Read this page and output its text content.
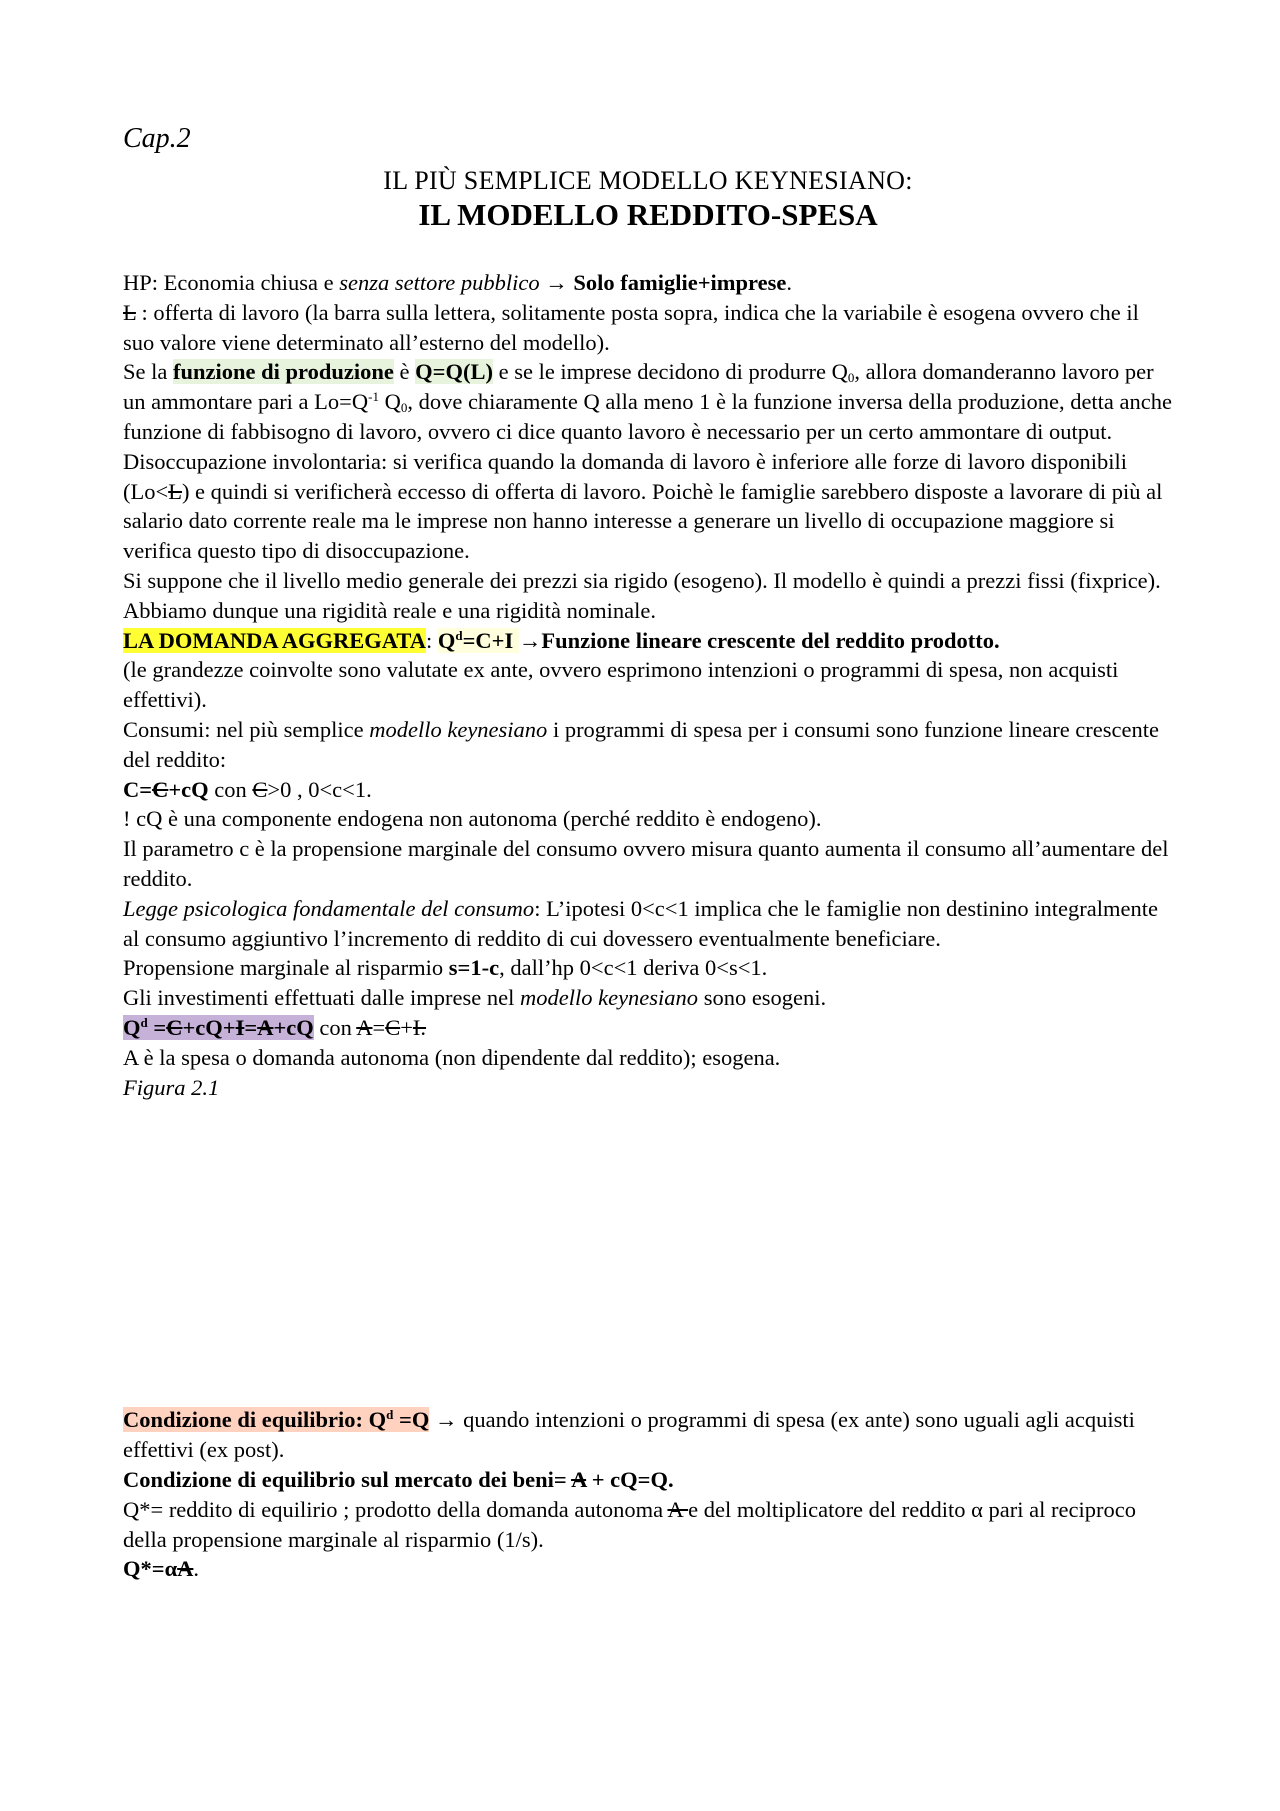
Cap.2

IL PIÙ SEMPLICE MODELLO KEYNESIANO:

IL MODELLO REDDITO-SPESA

HP: Economia chiusa e senza settore pubblico → Solo famiglie+imprese.

L : offerta di lavoro (la barra sulla lettera, solitamente posta sopra, indica che la variabile è esogena ovvero che il suo valore viene determinato all’esterno del modello).

Se la funzione di produzione è Q=Q(L) e se le imprese decidono di produrre $Q_0$, allora domanderanno lavoro per un ammontare pari a $Lo=Q^{-1}$ $Q_0$, dove chiaramente Q alla meno 1 è la funzione inversa della produzione, detta anche funzione di fabbisogno di lavoro, ovvero ci dice quanto lavoro è necessario per un certo ammontare di output.

Disoccupazione involontaria: si verifica quando la domanda di lavoro è inferiore alle forze di lavoro disponibili (Lo<L) e quindi si verificherà eccesso di offerta di lavoro. Poichè le famiglie sarebbero disposte a lavorare di più al salario dato corrente reale ma le imprese non hanno interesse a generare un livello di occupazione maggiore si verifica questo tipo di disoccupazione.

Si suppone che il livello medio generale dei prezzi sia rigido (esogeno). Il modello è quindi a prezzi fissi (fixprice). Abbiamo dunque una rigidità reale e una rigidità nominale.

LA DOMANDA AGGREGATA: $Q^d=C+I$ →Funzione lineare crescente del reddito prodotto.

(le grandezze coinvolte sono valutate ex ante, ovvero esprimono intenzioni o programmi di spesa, non acquisti effettivi).

Consumi: nel più semplice modello keynesiano i programmi di spesa per i consumi sono funzione lineare crescente del reddito:

C=C+cQ con C>0 , 0<c<1.

! cQ è una componente endogena non autonoma (perché reddito è endogeno).

Il parametro c è la propensione marginale del consumo ovvero misura quanto aumenta il consumo all’aumentare del reddito.

Legge psicologica fondamentale del consumo: L’ipotesi 0<c<1 implica che le famiglie non destinino integralmente al consumo aggiuntivo l’incremento di reddito di cui dovessero eventualmente beneficiare.

Propensione marginale al risparmio s=1-c, dall’hp 0<c<1 deriva 0<s<1.

Gli investimenti effettuati dalle imprese nel modello keynesiano sono esogeni.

$Q^d =C+cQ+I=A+cQ$ con A=C+I.

A è la spesa o domanda autonoma (non dipendente dal reddito); esogena.

Figura 2.1

Condizione di equilibrio: $Q^d =Q$ → quando intenzioni o programmi di spesa (ex ante) sono uguali agli acquisti effettivi (ex post).

Condizione di equilibrio sul mercato dei beni= A + cQ=Q.

Q*= reddito di equilirio ; prodotto della domanda autonoma A e del moltiplicatore del reddito α pari al reciproco della propensione marginale al risparmio (1/s).

Q*=αA.
